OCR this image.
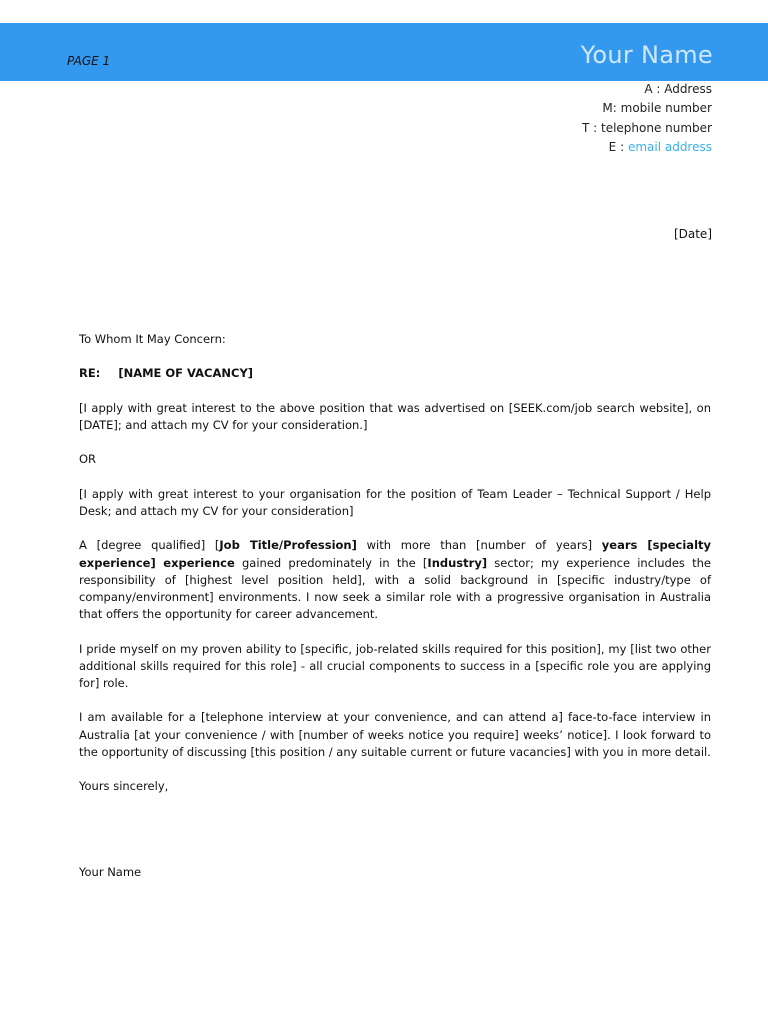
PAGE 1	Your Name
A : Address
M: mobile number
T : telephone number
E : email address
[Date]

To Whom It May Concern:

RE: [NAME OF VACANCY]

[I apply with great interest to the above position that was advertised on [SEEK.com/job search website], on [DATE]; and attach my CV for your consideration.]

OR

[I apply with great interest to your organisation for the position of Team Leader – Technical Support / Help Desk; and attach my CV for your consideration]

A [degree qualified] [Job Title/Profession] with more than [number of years] years [specialty experience] experience gained predominately in the [Industry] sector; my experience includes the responsibility of [highest level position held], with a solid background in [specific industry/type of company/environment] environments. I now seek a similar role with a progressive organisation in Australia that offers the opportunity for career advancement.

I pride myself on my proven ability to [specific, job-related skills required for this position], my [list two other additional skills required for this role] - all crucial components to success in a [specific role you are applying for] role.

I am available for a [telephone interview at your convenience, and can attend a] face-to-face interview in Australia [at your convenience / with [number of weeks notice you require] weeks’ notice]. I look forward to the opportunity of discussing [this position / any suitable current or future vacancies] with you in more detail.

Yours sincerely,

Your Name
